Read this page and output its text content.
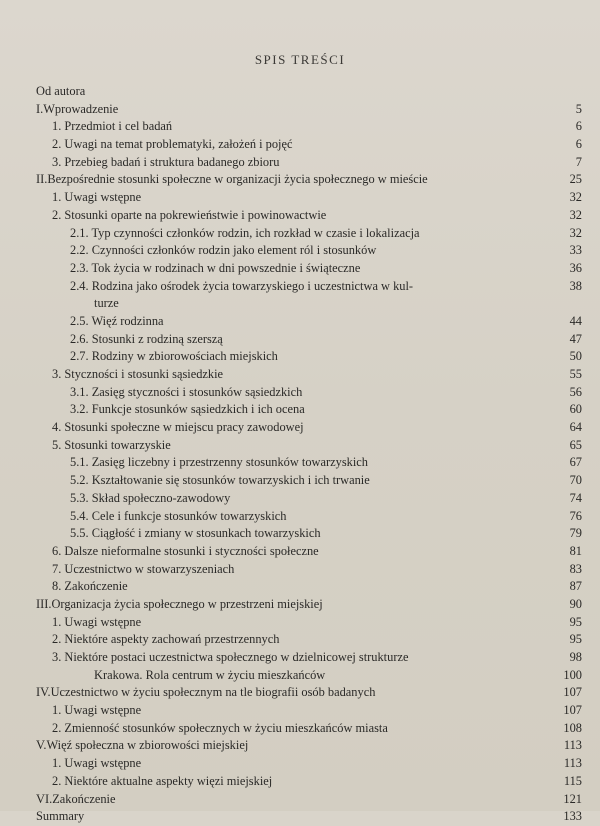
SPIS TREŚCI
Od autora
I.Wprowadzenie	5
1. Przedmiot i cel badań	6
2. Uwagi na temat problematyki, założeń i pojęć	6
3. Przebieg badań i struktura badanego zbioru	7
II.Bezpośrednie stosunki społeczne w organizacji życia społecznego w mieście	25
1. Uwagi wstępne	32
2. Stosunki oparte na pokrewieństwie i powinowactwie	32
2.1. Typ czynności członków rodzin, ich rozkład w czasie i lokalizacja	32
2.2. Czynności członków rodzin jako element ról i stosunków	33
2.3. Tok życia w rodzinach w dni powszednie i świąteczne	36
2.4. Rodzina jako ośrodek życia towarzyskiego i uczestnictwa w kul-	38
turze
2.5. Więź rodzinna	44
2.6. Stosunki z rodziną szerszą	47
2.7. Rodziny w zbiorowościach miejskich	50
3. Styczności i stosunki sąsiedzkie	55
3.1. Zasięg styczności i stosunków sąsiedzkich	56
3.2. Funkcje stosunków sąsiedzkich i ich ocena	60
4. Stosunki społeczne w miejscu pracy zawodowej	64
5. Stosunki towarzyskie	65
5.1. Zasięg liczebny i przestrzenny stosunków towarzyskich	67
5.2. Kształtowanie się stosunków towarzyskich i ich trwanie	70
5.3. Skład społeczno-zawodowy	74
5.4. Cele i funkcje stosunków towarzyskich	76
5.5. Ciągłość i zmiany w stosunkach towarzyskich	79
6. Dalsze nieformalne stosunki i styczności społeczne	81
7. Uczestnictwo w stowarzyszeniach	83
8. Zakończenie	87
III.Organizacja życia społecznego w przestrzeni miejskiej	90
1. Uwagi wstępne	95
2. Niektóre aspekty zachowań przestrzennych	95
3. Niektóre postaci uczestnictwa społecznego w dzielnicowej strukturze	98
Krakowa. Rola centrum w życiu mieszkańców	100
IV.Uczestnictwo w życiu społecznym na tle biografii osób badanych	107
1. Uwagi wstępne	107
2. Zmienność stosunków społecznych w życiu mieszkańców miasta	108
V.Więź społeczna w zbiorowości miejskiej	113
1. Uwagi wstępne	113
2. Niektóre aktualne aspekty więzi miejskiej	115
VI.Zakończenie	121
Summary	133
